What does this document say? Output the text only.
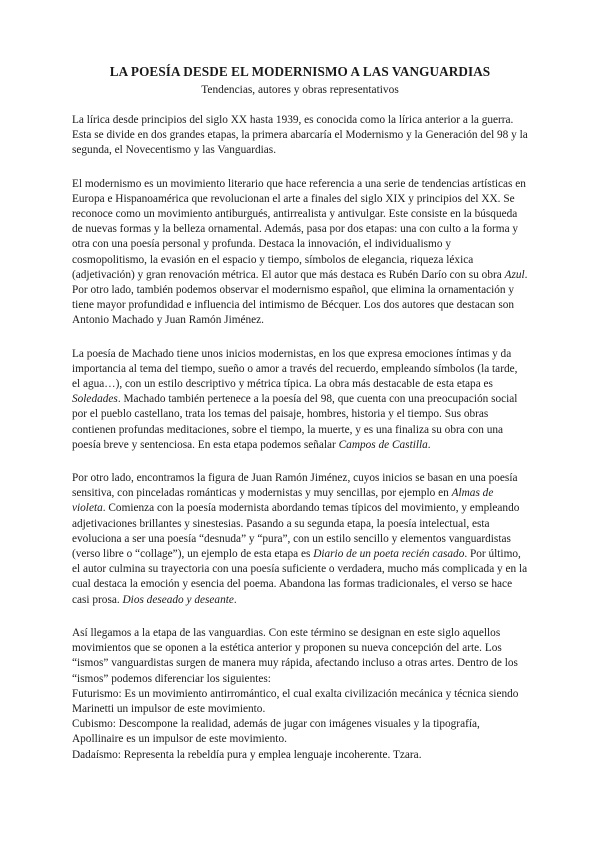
LA POESÍA DESDE EL MODERNISMO A LAS VANGUARDIAS
Tendencias, autores y obras representativos

La lírica desde principios del siglo XX hasta 1939, es conocida como la lírica anterior a la guerra. Esta se divide en dos grandes etapas, la primera abarcaría el Modernismo y la Generación del 98 y la segunda, el Novecentismo y las Vanguardias.

El modernismo es un movimiento literario que hace referencia a una serie de tendencias artísticas en Europa e Hispanoamérica que revolucionan el arte a finales del siglo XIX y principios del XX. Se reconoce como un movimiento antiburgués, antirrealista y antivulgar. Este consiste en la búsqueda de nuevas formas y la belleza ornamental. Además, pasa por dos etapas: una con culto a la forma y otra con una poesía personal y profunda. Destaca la innovación, el individualismo y cosmopolitismo, la evasión en el espacio y tiempo, símbolos de elegancia, riqueza léxica (adjetivación) y gran renovación métrica. El autor que más destaca es Rubén Darío con su obra Azul. Por otro lado, también podemos observar el modernismo español, que elimina la ornamentación y tiene mayor profundidad e influencia del intimismo de Bécquer. Los dos autores que destacan son Antonio Machado y Juan Ramón Jiménez.

La poesía de Machado tiene unos inicios modernistas, en los que expresa emociones íntimas y da importancia al tema del tiempo, sueño o amor a través del recuerdo, empleando símbolos (la tarde, el agua…), con un estilo descriptivo y métrica típica. La obra más destacable de esta etapa es Soledades. Machado también pertenece a la poesía del 98, que cuenta con una preocupación social por el pueblo castellano, trata los temas del paisaje, hombres, historia y el tiempo. Sus obras contienen profundas meditaciones, sobre el tiempo, la muerte, y es una finaliza su obra con una poesía breve y sentenciosa. En esta etapa podemos señalar Campos de Castilla.

Por otro lado, encontramos la figura de Juan Ramón Jiménez, cuyos inicios se basan en una poesía sensitiva, con pinceladas románticas y modernistas y muy sencillas, por ejemplo en Almas de violeta. Comienza con la poesía modernista abordando temas típicos del movimiento, y empleando adjetivaciones brillantes y sinestesias. Pasando a su segunda etapa, la poesía intelectual, esta evoluciona a ser una poesía “desnuda” y “pura”, con un estilo sencillo y elementos vanguardistas (verso libre o “collage”), un ejemplo de esta etapa es Diario de un poeta recién casado. Por último, el autor culmina su trayectoria con una poesía suficiente o verdadera, mucho más complicada y en la cual destaca la emoción y esencia del poema. Abandona las formas tradicionales, el verso se hace casi prosa. Dios deseado y deseante.

Así llegamos a la etapa de las vanguardias. Con este término se designan en este siglo aquellos movimientos que se oponen a la estética anterior y proponen su nueva concepción del arte. Los “ismos” vanguardistas surgen de manera muy rápida, afectando incluso a otras artes. Dentro de los “ismos” podemos diferenciar los siguientes:
Futurismo: Es un movimiento antirromántico, el cual exalta civilización mecánica y técnica siendo Marinetti un impulsor de este movimiento.
Cubismo: Descompone la realidad, además de jugar con imágenes visuales y la tipografía, Apollinaire es un impulsor de este movimiento.
Dadaísmo: Representa la rebeldía pura y emplea lenguaje incoherente. Tzara.
